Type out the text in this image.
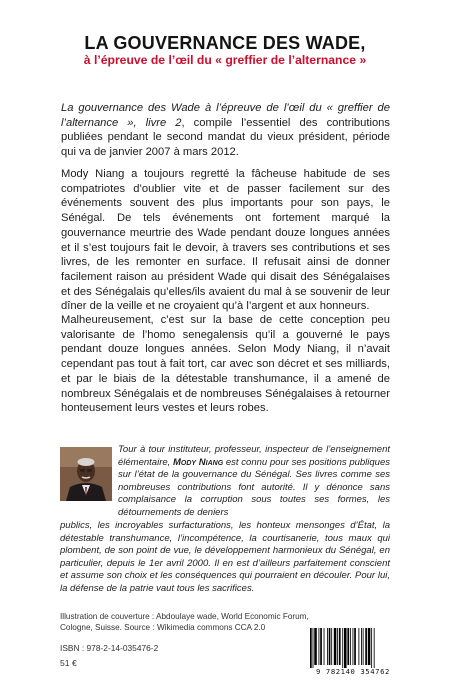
LA GOUVERNANCE DES WADE,
à l’épreuve de l’œil du « greffier de l’alternance »

La gouvernance des Wade à l’épreuve de l’œil du « greffier de l’alternance », livre 2, compile l’essentiel des contributions publiées pendant le second mandat du vieux président, période qui va de janvier 2007 à mars 2012.

Mody Niang a toujours regretté la fâcheuse habitude de ses compatriotes d’oublier vite et de passer facilement sur des événements souvent des plus importants pour son pays, le Sénégal. De tels événements ont fortement marqué la gouvernance meurtrie des Wade pendant douze longues années et il s’est toujours fait le devoir, à travers ses contributions et ses livres, de les remonter en surface. Il refusait ainsi de donner facilement raison au président Wade qui disait des Sénégalaises et des Sénégalais qu’elles/ils avaient du mal à se souvenir de leur dîner de la veille et ne croyaient qu’à l’argent et aux honneurs.

Malheureusement, c’est sur la base de cette conception peu valorisante de l’homo senegalensis qu’il a gouverné le pays pendant douze longues années. Selon Mody Niang, il n’avait cependant pas tout à fait tort, car avec son décret et ses milliards, et par le biais de la détestable transhumance, il a amené de nombreux Sénégalais et de nombreuses Sénégalaises à retourner honteusement leurs vestes et leurs robes.

Tour à tour instituteur, professeur, inspecteur de l’enseignement élémentaire, Mody Niang est connu pour ses positions publiques sur l’état de la gouvernance du Sénégal. Ses livres comme ses nombreuses contributions font autorité. Il y dénonce sans complaisance la corruption sous toutes ses formes, les détournements de deniers

publics, les incroyables surfacturations, les honteux mensonges d’État, la détestable transhumance, l’incompétence, la courtisanerie, tous maux qui plombent, de son point de vue, le développement harmonieux du Sénégal, en particulier, depuis le 1er avril 2000. Il en est d’ailleurs parfaitement conscient et assume son choix et les conséquences qui pourraient en découler. Pour lui, la défense de la patrie vaut tous les sacrifices.

Illustration de couverture : Abdoulaye wade, World Economic Forum, Cologne, Suisse. Source : Wikimedia commons CCA 2.0

ISBN : 978-2-14-035476-2
51 €
9 782140 354762
